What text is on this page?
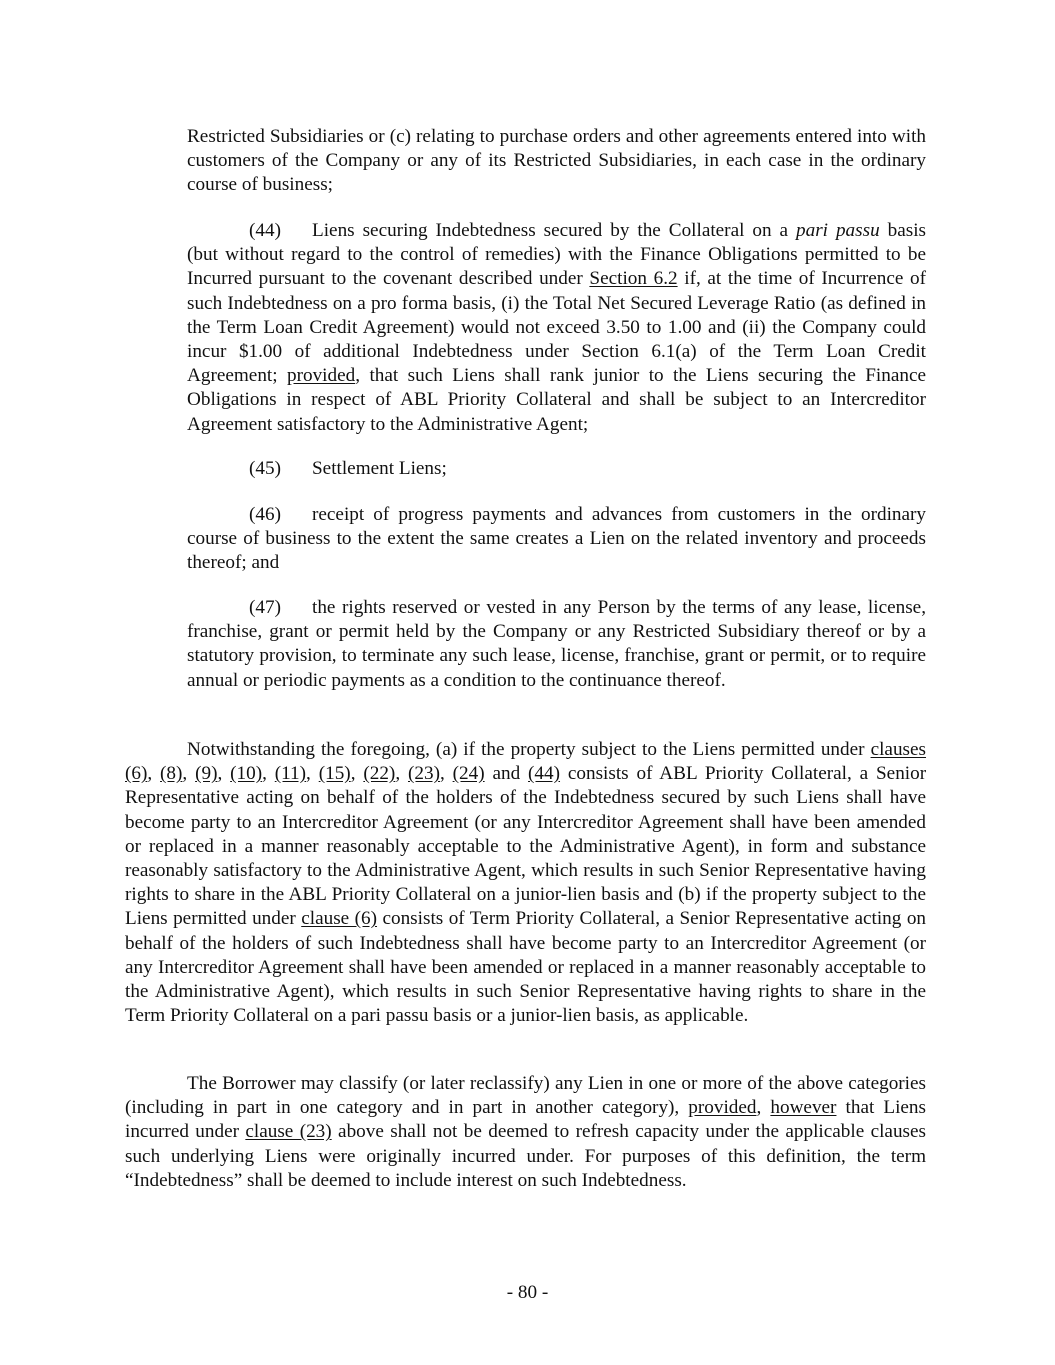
Restricted Subsidiaries or (c) relating to purchase orders and other agreements entered into with customers of the Company or any of its Restricted Subsidiaries, in each case in the ordinary course of business;

(44) Liens securing Indebtedness secured by the Collateral on a pari passu basis (but without regard to the control of remedies) with the Finance Obligations permitted to be Incurred pursuant to the covenant described under Section 6.2 if, at the time of Incurrence of such Indebtedness on a pro forma basis, (i) the Total Net Secured Leverage Ratio (as defined in the Term Loan Credit Agreement) would not exceed 3.50 to 1.00 and (ii) the Company could incur $1.00 of additional Indebtedness under Section 6.1(a) of the Term Loan Credit Agreement; provided, that such Liens shall rank junior to the Liens securing the Finance Obligations in respect of ABL Priority Collateral and shall be subject to an Intercreditor Agreement satisfactory to the Administrative Agent;

(45) Settlement Liens;

(46) receipt of progress payments and advances from customers in the ordinary course of business to the extent the same creates a Lien on the related inventory and proceeds thereof; and

(47) the rights reserved or vested in any Person by the terms of any lease, license, franchise, grant or permit held by the Company or any Restricted Subsidiary thereof or by a statutory provision, to terminate any such lease, license, franchise, grant or permit, or to require annual or periodic payments as a condition to the continuance thereof.

Notwithstanding the foregoing, (a) if the property subject to the Liens permitted under clauses (6), (8), (9), (10), (11), (15), (22), (23), (24) and (44) consists of ABL Priority Collateral, a Senior Representative acting on behalf of the holders of the Indebtedness secured by such Liens shall have become party to an Intercreditor Agreement (or any Intercreditor Agreement shall have been amended or replaced in a manner reasonably acceptable to the Administrative Agent), in form and substance reasonably satisfactory to the Administrative Agent, which results in such Senior Representative having rights to share in the ABL Priority Collateral on a junior-lien basis and (b) if the property subject to the Liens permitted under clause (6) consists of Term Priority Collateral, a Senior Representative acting on behalf of the holders of such Indebtedness shall have become party to an Intercreditor Agreement (or any Intercreditor Agreement shall have been amended or replaced in a manner reasonably acceptable to the Administrative Agent), which results in such Senior Representative having rights to share in the Term Priority Collateral on a pari passu basis or a junior-lien basis, as applicable.

The Borrower may classify (or later reclassify) any Lien in one or more of the above categories (including in part in one category and in part in another category), provided, however that Liens incurred under clause (23) above shall not be deemed to refresh capacity under the applicable clauses such underlying Liens were originally incurred under. For purposes of this definition, the term “Indebtedness” shall be deemed to include interest on such Indebtedness.

- 80 -
